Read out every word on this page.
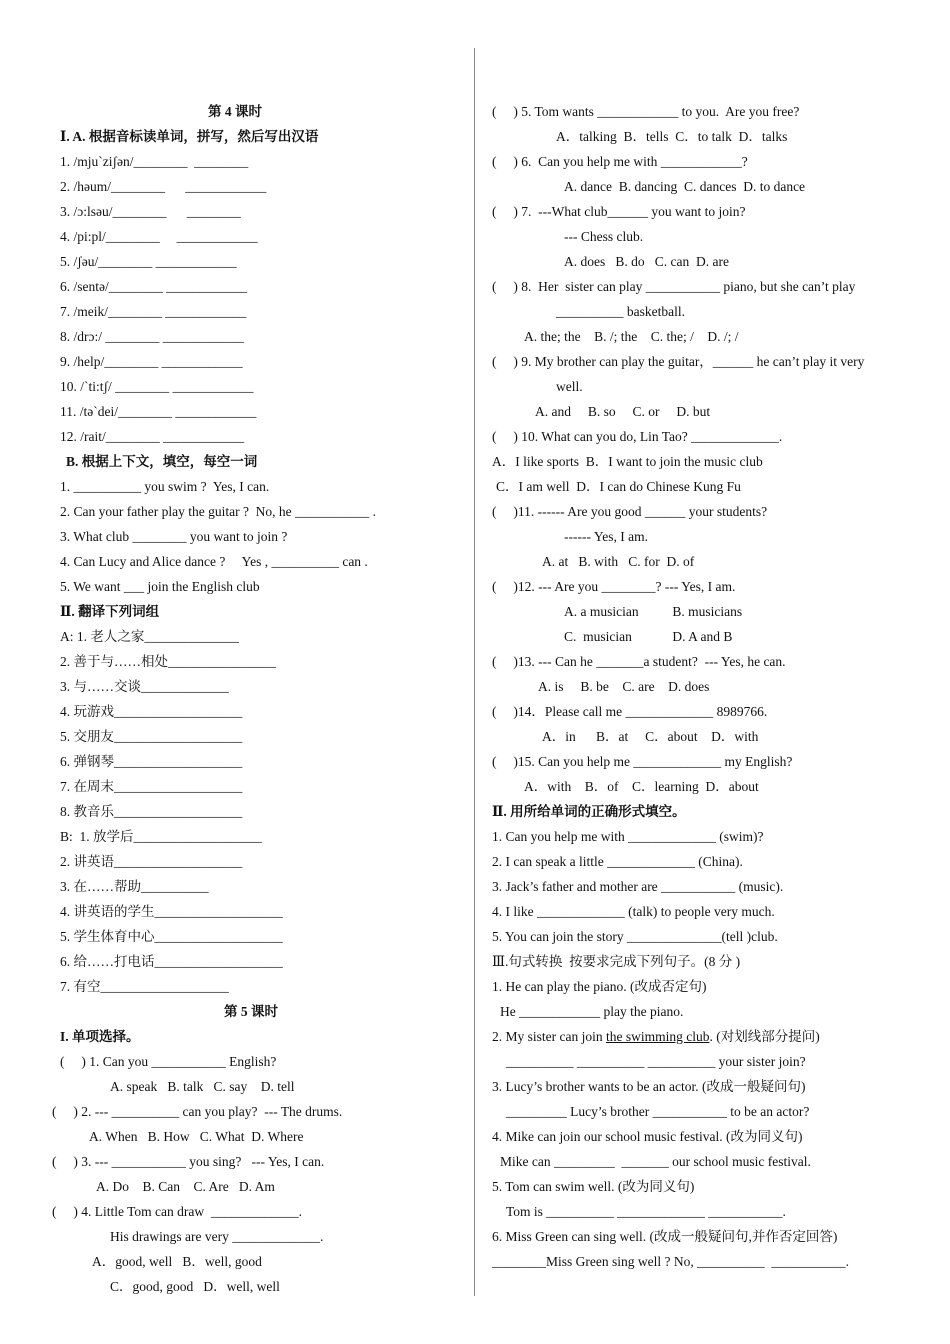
第 4 课时
Ⅰ. A. 根据音标读单词，拼写，然后写出汉语
1. /mju`ziʃən/________  ________
2. /həum/________      ____________
3. /ɔ:lsəu/________      ________
4. /pi:pl/________     ____________
5. /ʃəu/________ ____________
6. /sentə/________ ____________
7. /meik/________ ____________
8. /drɔ:/ ________ ____________
9. /help/________ ____________
10. /`ti:tʃ/ ________ ____________
11. /tə`dei/________ ____________
12. /rait/________ ____________
B. 根据上下文，填空，每空一词
1. __________ you swim ?  Yes, I can.
2. Can your father play the guitar ?  No, he ___________ .
3. What club ________ you want to join ?
4. Can Lucy and Alice dance ?     Yes , __________ can .
5. We want ___ join the English club
Ⅱ. 翻译下列词组
A: 1. 老人之家______________
2. 善于与……相处________________
3. 与……交谈_____________
4. 玩游戏___________________
5. 交朋友___________________
6. 弹钢琴___________________
7. 在周末___________________
8. 教音乐___________________
B:  1. 放学后___________________
2. 讲英语___________________
3. 在……帮助__________
4. 讲英语的学生___________________
5. 学生体育中心___________________
6. 给……打电话___________________
7. 有空___________________
第 5 课时
I. 单项选择。
(     ) 1. Can you ___________ English?
A. speak   B. talk   C. say    D. tell
(     ) 2. --- __________ can you play?  --- The drums.
A. When   B. How   C. What  D. Where
(     ) 3. --- ___________ you sing?   --- Yes, I can.
A. Do    B. Can    C. Are   D. Am
(     ) 4. Little Tom can draw  _____________.
His drawings are very _____________.
A．good, well   B．well, good
C．good, good   D．well, well
(     ) 5. Tom wants ____________ to you.  Are you free?
A．talking  B．tells  C．to talk  D．talks
(     ) 6.  Can you help me with ____________?
A. dance  B. dancing  C. dances  D. to dance
(     ) 7.  ---What club______ you want to join?
--- Chess club.
A. does   B. do   C. can  D. are
(     ) 8.  Her  sister can play ___________ piano, but she can’t play
__________ basketball.
A. the; the    B. /; the    C. the; /    D. /; /
(     ) 9. My brother can play the guitar，______ he can’t play it very
well.
A. and     B. so     C. or     D. but
(     ) 10. What can you do, Lin Tao? _____________.
A．I like sports  B．I want to join the music club
C．I am well  D．I can do Chinese Kung Fu
(     )11. ------ Are you good ______ your students?
------ Yes, I am.
A. at   B. with   C. for  D. of
(     )12. --- Are you ________? --- Yes, I am.
A. a musician          B. musicians
C.  musician            D. A and B
(     )13. --- Can he _______a student?  --- Yes, he can.
A. is     B. be    C. are    D. does
(     )14．Please call me _____________ 8989766.
A．in      B．at     C．about    D．with
(     )15. Can you help me _____________ my English?
A．with    B．of    C．learning  D．about
Ⅱ. 用所给单词的正确形式填空。
1. Can you help me with _____________ (swim)?
2. I can speak a little _____________ (China).
3. Jack’s father and mother are ___________ (music).
4. I like _____________ (talk) to people very much.
5. You can join the story ______________(tell )club.
Ⅲ.句式转换  按要求完成下列句子。(8 分 )
1. He can play the piano. (改成否定句)
He ____________ play the piano.
2. My sister can join the swimming club. (对划线部分提问)
__________ __________ __________ your sister join?
3. Lucy’s brother wants to be an actor. (改成一般疑问句)
_________ Lucy’s brother ___________ to be an actor?
4. Mike can join our school music festival. (改为同义句)
Mike can _________  _______ our school music festival.
5. Tom can swim well. (改为同义句)
Tom is __________ _____________ ___________.
6. Miss Green can sing well. (改成一般疑问句,并作否定回答)
________Miss Green sing well ? No, __________  ___________.
